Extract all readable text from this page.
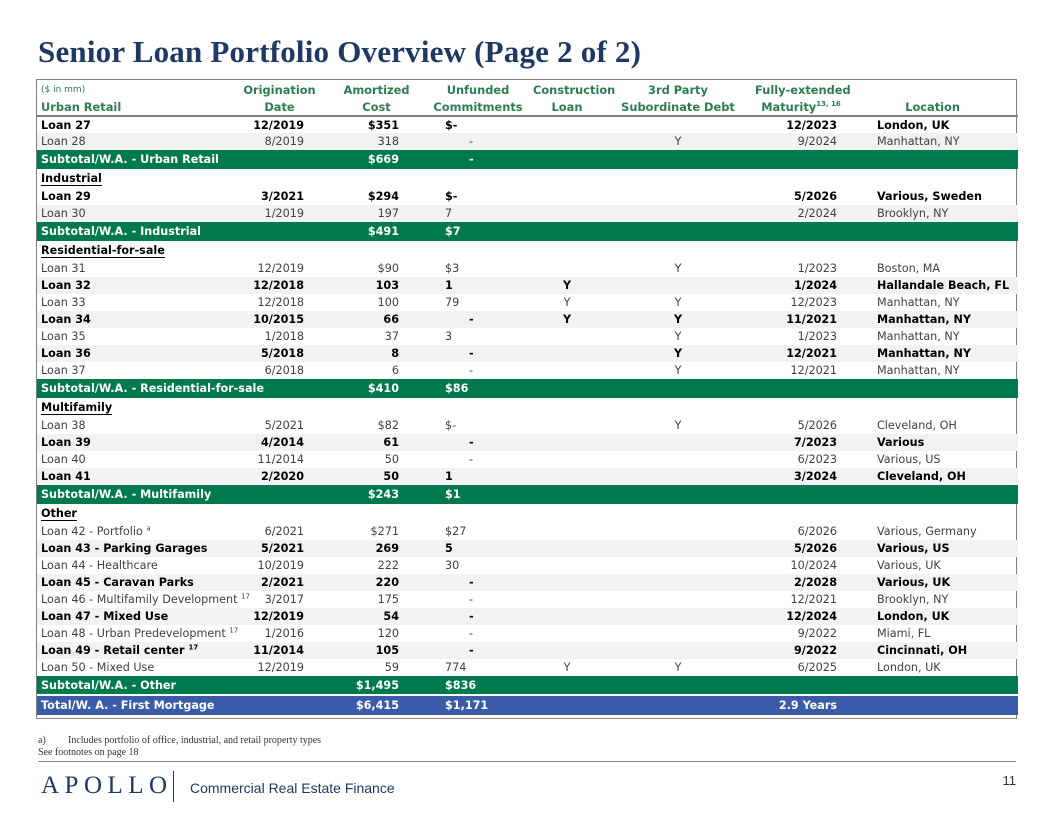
Senior Loan Portfolio Overview (Page 2 of 2)
($ in mm)	Origination	Amortized	Unfunded	Construction	3rd Party	Fully-extended	
Urban Retail	Date	Cost	Commitments	Loan	Subordinate Debt	Maturity$^{13, 16}$	Location
Loan 27	12/2019	$351	$-			12/2023	London, UK
Loan 28	8/2019	318	-		Y	9/2024	Manhattan, NY
Subtotal/W.A. - Urban Retail		$669	-				
Industrial							
Loan 29	3/2021	$294	$-			5/2026	Various, Sweden
Loan 30	1/2019	197	7			2/2024	Brooklyn, NY
Subtotal/W.A. - Industrial		$491	$7				
Residential-for-sale							
Loan 31	12/2019	$90	$3		Y	1/2023	Boston, MA
Loan 32	12/2018	103	1	Y		1/2024	Hallandale Beach, FL
Loan 33	12/2018	100	79	Y	Y	12/2023	Manhattan, NY
Loan 34	10/2015	66	-	Y	Y	11/2021	Manhattan, NY
Loan 35	1/2018	37	3		Y	1/2023	Manhattan, NY
Loan 36	5/2018	8	-		Y	12/2021	Manhattan, NY
Loan 37	6/2018	6	-		Y	12/2021	Manhattan, NY
Subtotal/W.A. - Residential-for-sale		$410	$86				
Multifamily							
Loan 38	5/2021	$82	$-		Y	5/2026	Cleveland, OH
Loan 39	4/2014	61	-			7/2023	Various
Loan 40	11/2014	50	-			6/2023	Various, US
Loan 41	2/2020	50	1			3/2024	Cleveland, OH
Subtotal/W.A. - Multifamily		$243	$1				
Other							
Loan 42 - Portfolio $^a$	6/2021	$271	$27			6/2026	Various, Germany
Loan 43 - Parking Garages	5/2021	269	5			5/2026	Various, US
Loan 44 - Healthcare	10/2019	222	30			10/2024	Various, UK
Loan 45 - Caravan Parks	2/2021	220	-			2/2028	Various, UK
Loan 46 - Multifamily Development $^{17}$	3/2017	175	-			12/2021	Brooklyn, NY
Loan 47 - Mixed Use	12/2019	54	-			12/2024	London, UK
Loan 48 - Urban Predevelopment $^{17}$	1/2016	120	-			9/2022	Miami, FL
Loan 49 - Retail center $^{17}$	11/2014	105	-			9/2022	Cincinnati, OH
Loan 50 - Mixed Use	12/2019	59	774	Y	Y	6/2025	London, UK
Subtotal/W.A. - Other		$1,495	$836				
Total/W. A. - First Mortgage		$6,415	$1,171			2.9 Years	
a) Includes portfolio of office, industrial, and retail property types
See footnotes on page 18
APOLLO Commercial Real Estate Finance	11
